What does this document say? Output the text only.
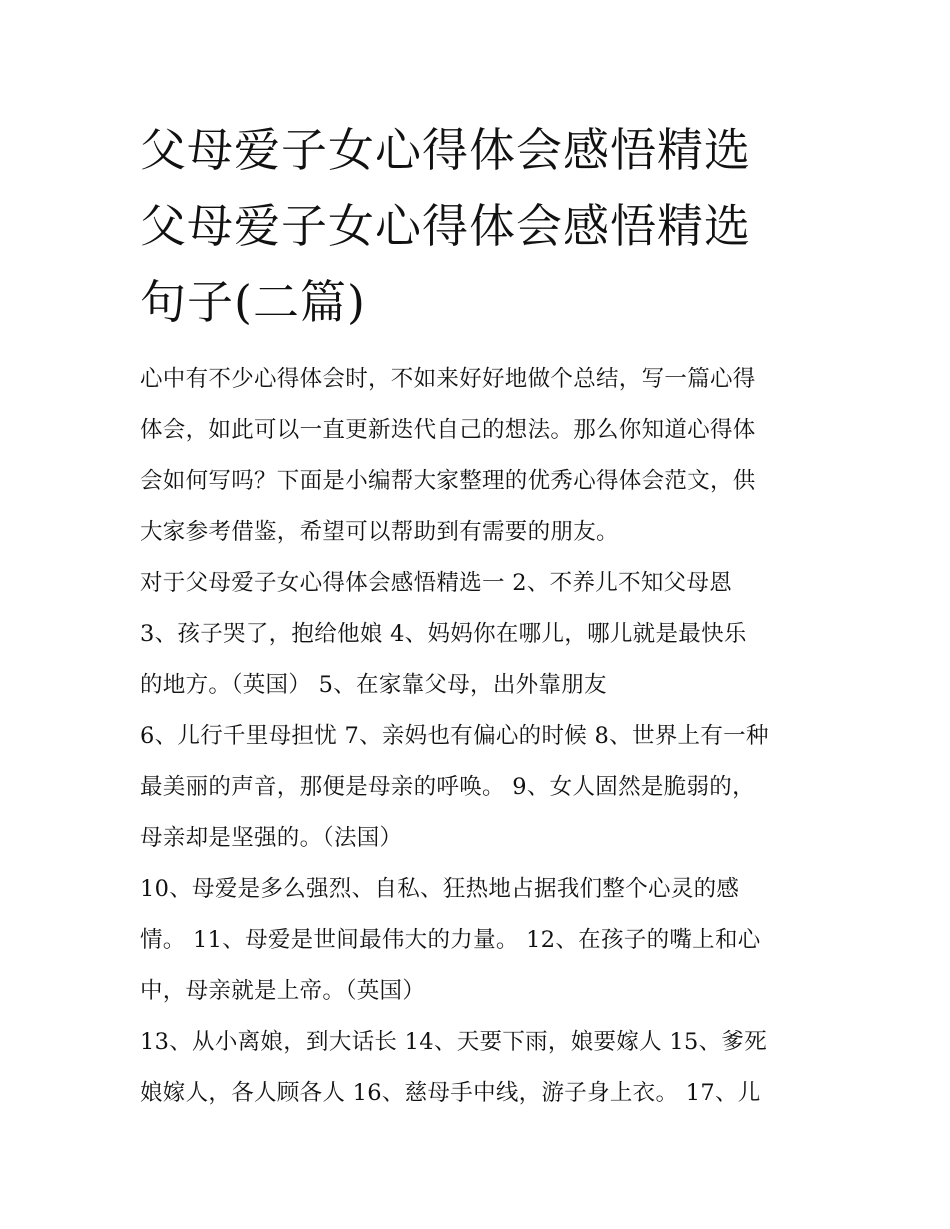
父母爱子女心得体会感悟精选
父母爱子女心得体会感悟精选
句子(二篇)
心中有不少心得体会时，不如来好好地做个总结，写一篇心得
体会，如此可以一直更新迭代自己的想法。那么你知道心得体
会如何写吗？下面是小编帮大家整理的优秀心得体会范文，供
大家参考借鉴，希望可以帮助到有需要的朋友。
对于父母爱子女心得体会感悟精选一 2、不养儿不知父母恩
3、孩子哭了，抱给他娘 4、妈妈你在哪儿，哪儿就是最快乐
的地方。（英国） 5、在家靠父母，出外靠朋友
6、儿行千里母担忧 7、亲妈也有偏心的时候 8、世界上有一种
最美丽的声音，那便是母亲的呼唤。 9、女人固然是脆弱的，
母亲却是坚强的。（法国）
10、母爱是多么强烈、自私、狂热地占据我们整个心灵的感
情。 11、母爱是世间最伟大的力量。 12、在孩子的嘴上和心
中，母亲就是上帝。（英国）
13、从小离娘，到大话长 14、天要下雨，娘要嫁人 15、爹死
娘嫁人，各人顾各人 16、慈母手中线，游子身上衣。 17、儿
